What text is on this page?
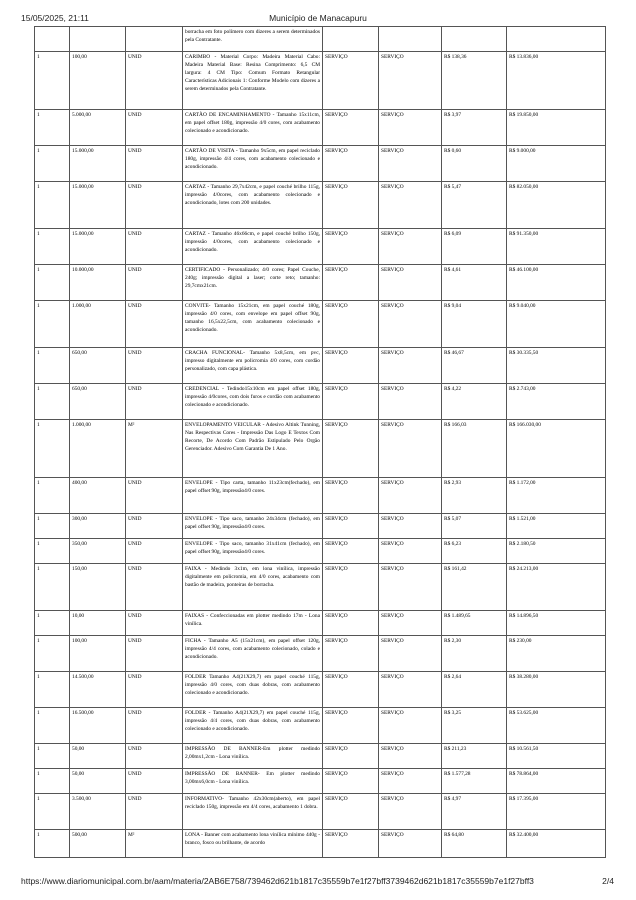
15/05/2025, 21:11	Município de Manacapuru
			borracha em foto polímero com dizeres a serem determinados pela Contratante.				
1	100,00	UNID	CARIMBO - Material Corpo: Madeira Material Cabo: Madeira Material Base: Resina Comprimento: 6,5 CM largura: 4 CM Tipo: Comum Formato Retangular Características Adicionais 1: Conforme Modelo com dizeres a serem determinados pela Contratante.	SERVIÇO	SERVIÇO	R$ 138,36	R$ 13.836,00
1	5.000,00	UNID	CARTÃO DE ENCAMINHAMENTO - Tamanho 15x11cm, em papel offset 180g, impressão 4/0 cores, com acabamento colecionado e acondicionado.	SERVIÇO	SERVIÇO	R$ 3,97	R$ 19.850,00
1	15.000,00	UNID	CARTÃO DE VISITA - Tamanho 9x5cm, em papel reciclado 180g, impressão 4/4 cores, com acabamento colecionado e acondicionado.	SERVIÇO	SERVIÇO	R$ 0,60	R$ 9.000,00
1	15.000,00	UNID	CARTAZ - Tamanho 29,7x42cm, e papel couché brilho 115g, impressão 4/0cores, com acabamento colecionado e acondicionado, lotes com 200 unidades.	SERVIÇO	SERVIÇO	R$ 5,47	R$ 82.050,00
1	15.000,00	UNID	CARTAZ - Tamanho 46x66cm, e papel couché brilho 150g, impressão 4/0cores, com acabamento colecionado e acondicionado.	SERVIÇO	SERVIÇO	R$ 6,09	R$ 91.350,00
1	10.000,00	UNID	CERTIFICADO - Personalizado; 4/0 cores; Papel Couche, 240g; impressão digital a laser; corte reto; tamanho: 29,7cmx21cm.	SERVIÇO	SERVIÇO	R$ 4,61	R$ 46.100,00
1	1.000,00	UNID	CONVITE- Tamanho 15x21cm, em papel couché 180g, impressão 4/0 cores, com envelope em papel offset 90g, tamanho 16,5x22,5cm, com acabamento colecionado e acondicionado.	SERVIÇO	SERVIÇO	R$ 9,04	R$ 9.040,00
1	650,00	UNID	CRACHA FUNCIONAL- Tamanho 5x8,5cm, em pvc, impresso digitalmente em policromia 4/0 cores, com cordão personalizado, com capa plástica.	SERVIÇO	SERVIÇO	R$ 46,67	R$ 30.335,50
1	650,00	UNID	CREDENCIAL - Tedindo15x10cm em papel offset 180g, impressão 4/0cores, com dois furos e cordão com acabamento colecionado e acondicionado.	SERVIÇO	SERVIÇO	R$ 4,22	R$ 2.743,00
1	1.000,00	M²	ENVELOPAMENTO VEICULAR - Adesivo Altink Tunning, Nas Respectivas Cores - Impressão Das Logo E Textos Com Recorte, De Acordo Com Padrão Estipulado Pelo Orgão Gerenciador. Adesivo Com Garantia De 1 Ano.	SERVIÇO	SERVIÇO	R$ 166,03	R$ 166.030,00
1	400,00	UNID	ENVELOPE - Tipo carta, tamanho 11x23cm(fechado), em papel offset 90g, impressão4/0 cores.	SERVIÇO	SERVIÇO	R$ 2,93	R$ 1.172,00
1	300,00	UNID	ENVELOPE - Tipo saco, tamanho 24x34cm (fechado), em papel offset 90g, impressão4/0 cores.	SERVIÇO	SERVIÇO	R$ 5,07	R$ 1.521,00
1	350,00	UNID	ENVELOPE - Tipo saco, tamanho 31x41cm (fechado), em papel offset 90g, impressão4/0 cores.	SERVIÇO	SERVIÇO	R$ 6,23	R$ 2.180,50
1	150,00	UNID	FAIXA - Medindo 3x1m, em lona vinílica, impressão digitalmente em policromia, em 4/0 cores, acabamento com bastão de madeira, ponteiras de borracha.	SERVIÇO	SERVIÇO	R$ 161,42	R$ 24.213,00
1	10,00	UNID	FAIXAS - Confeccionadas em plotter medindo 17m - Lona vinílica.	SERVIÇO	SERVIÇO	R$ 1.489,65	R$ 14.896,50
1	100,00	UNID	FICHA - Tamanho A5 (15x21cm), em papel offset 120g, impressão 4/4 cores, com acabamento colecionado, colado e acondicionado.	SERVIÇO	SERVIÇO	R$ 2,30	R$ 230,00
1	14.500,00	UNID	FOLDER Tamanho A4(21X29,7) em papel couché 115g, impressão 4/0 cores, com duas dobras, com acabamento colecionado e acondicionado.	SERVIÇO	SERVIÇO	R$ 2,64	R$ 38.280,00
1	16.500,00	UNID	FOLDER - Tamanho A4(21X29,7) em papel couché 115g, impressão 4/4 cores, com duas dobras, com acabamento colecionado e acondicionado.	SERVIÇO	SERVIÇO	R$ 3,25	R$ 53.625,00
1	50,00	UNID	IMPRESSÃO DE BANNER-Em plotter medindo 2,00mx1,2cm - Lona vinílica.	SERVIÇO	SERVIÇO	R$ 211,23	R$ 10.561,50
1	50,00	UNID	IMPRESSÃO DE BANNER- Em plotter medindo 3,00mx6,0cm - Lona vinílica.	SERVIÇO	SERVIÇO	R$ 1.577,28	R$ 78.864,00
1	3.500,00	UNID	INFORMATIVO- Tamanho 42x30cm(aberto), em papel reciclado 150g, impressão em 4/4 cores, acabamento 1 dobra.	SERVIÇO	SERVIÇO	R$ 4,97	R$ 17.395,00
1	500,00	M²	LONA - Banner com acabamento lona vinílica mínimo 440g - branco, fosco ou brilhante, de acordo	SERVIÇO	SERVIÇO	R$ 64,80	R$ 32.400,00
https://www.diariomunicipal.com.br/aam/materia/2AB6E758/739462d621b1817c35559b7e1f27bff3739462d621b1817c35559b7e1f27bff3	2/4
